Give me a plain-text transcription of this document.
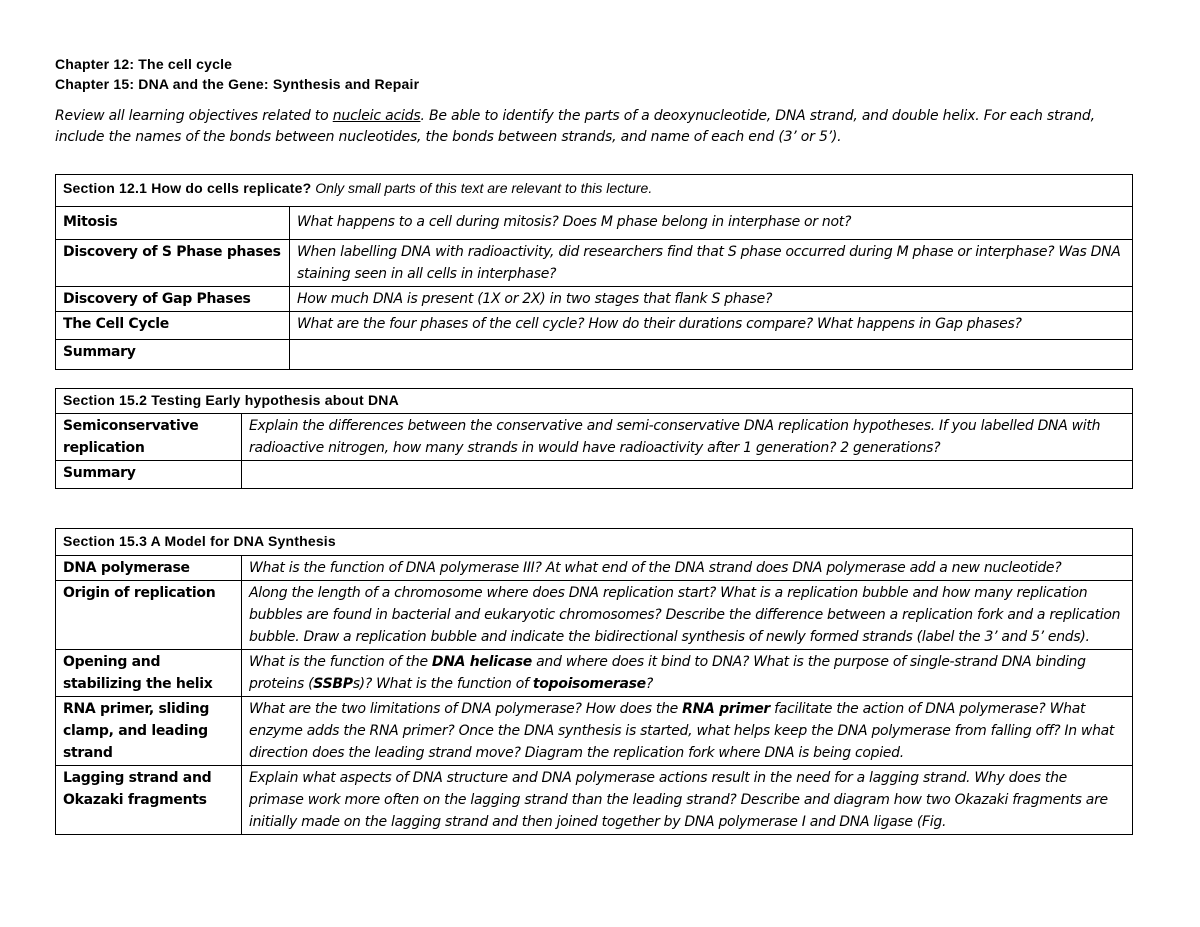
Chapter 12: The cell cycle

Chapter 15: DNA and the Gene: Synthesis and Repair

Review all learning objectives related to nucleic acids. Be able to identify the parts of a deoxynucleotide, DNA strand, and double helix. For each strand, include the names of the bonds between nucleotides, the bonds between strands, and name of each end (3’ or 5’).

Section 12.1 How do cells replicate? Only small parts of this text are relevant to this lecture.	
Mitosis	What happens to a cell during mitosis? Does M phase belong in interphase or not?
Discovery of S Phase phases	When labelling DNA with radioactivity, did researchers find that S phase occurred during M phase or interphase? Was DNA staining seen in all cells in interphase?
Discovery of Gap Phases	How much DNA is present (1X or 2X) in two stages that flank S phase?
The Cell Cycle	What are the four phases of the cell cycle? How do their durations compare? What happens in Gap phases?
Summary	
Section 15.2 Testing Early hypothesis about DNA	
Semiconservative replication	Explain the differences between the conservative and semi-conservative DNA replication hypotheses. If you labelled DNA with radioactive nitrogen, how many strands in would have radioactivity after 1 generation? 2 generations?
Summary	
Section 15.3 A Model for DNA Synthesis	
DNA polymerase	What is the function of DNA polymerase III? At what end of the DNA strand does DNA polymerase add a new nucleotide?
Origin of replication	Along the length of a chromosome where does DNA replication start? What is a replication bubble and how many replication bubbles are found in bacterial and eukaryotic chromosomes? Describe the difference between a replication fork and a replication bubble. Draw a replication bubble and indicate the bidirectional synthesis of newly formed strands (label the 3’ and 5’ ends).
Opening and stabilizing the helix	What is the function of the DNA helicase and where does it bind to DNA? What is the purpose of single-strand DNA binding proteins (SSBPs)? What is the function of topoisomerase?
RNA primer, sliding clamp, and leading strand	What are the two limitations of DNA polymerase? How does the RNA primer facilitate the action of DNA polymerase? What enzyme adds the RNA primer? Once the DNA synthesis is started, what helps keep the DNA polymerase from falling off? In what direction does the leading strand move? Diagram the replication fork where DNA is being copied.
Lagging strand and Okazaki fragments	Explain what aspects of DNA structure and DNA polymerase actions result in the need for a lagging strand. Why does the primase work more often on the lagging strand than the leading strand? Describe and diagram how two Okazaki fragments are initially made on the lagging strand and then joined together by DNA polymerase I and DNA ligase (Fig.
